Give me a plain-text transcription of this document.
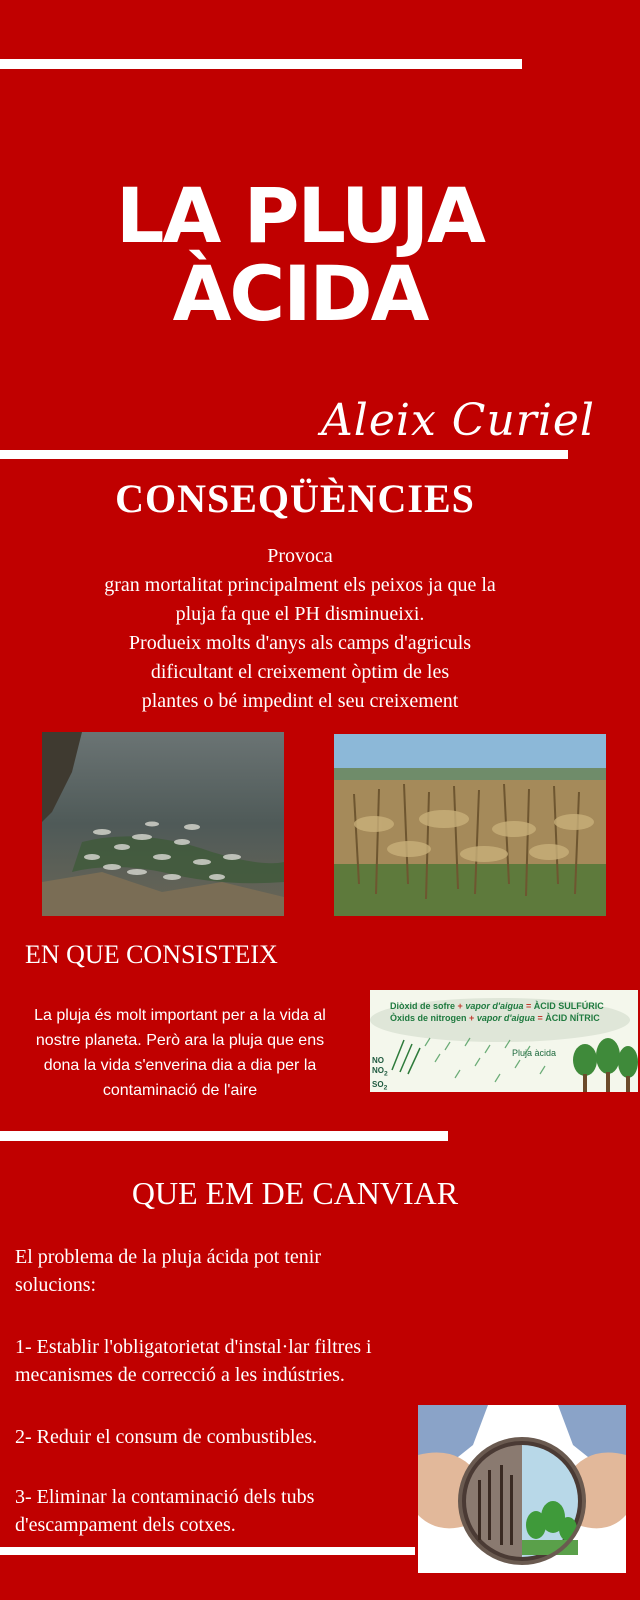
LA PLUJA
ÀCIDA
Aleix Curiel
CONSEQÜÈNCIES
Provoca
gran mortalitat principalment els peixos ja que la
pluja fa que el PH disminueixi.
Produeix molts d'anys als camps d'agriculs
dificultant el creixement òptim de les
plantes o bé impedint el seu creixement
EN QUE CONSISTEIX
La pluja és molt important per a la vida al
nostre planeta. Però ara la pluja que ens
dona la vida s'enverina dia a dia per la
contaminació de l'aire
Diòxid de sofre + vapor d'aigua = ÀCID SULFÚRIC
Òxids de nitrogen + vapor d'aigua = ÀCID NÍTRIC
Pluja àcida
NO
$NO_2$
$SO_2$
QUE EM DE CANVIAR
El problema de la pluja ácida pot tenir
solucions:
1- Establir l'obligatorietat d'instal·lar filtres i
mecanismes de correcció a les indústries.
2- Reduir el consum de combustibles.
3- Eliminar la contaminació dels tubs
d'escampament dels cotxes.
